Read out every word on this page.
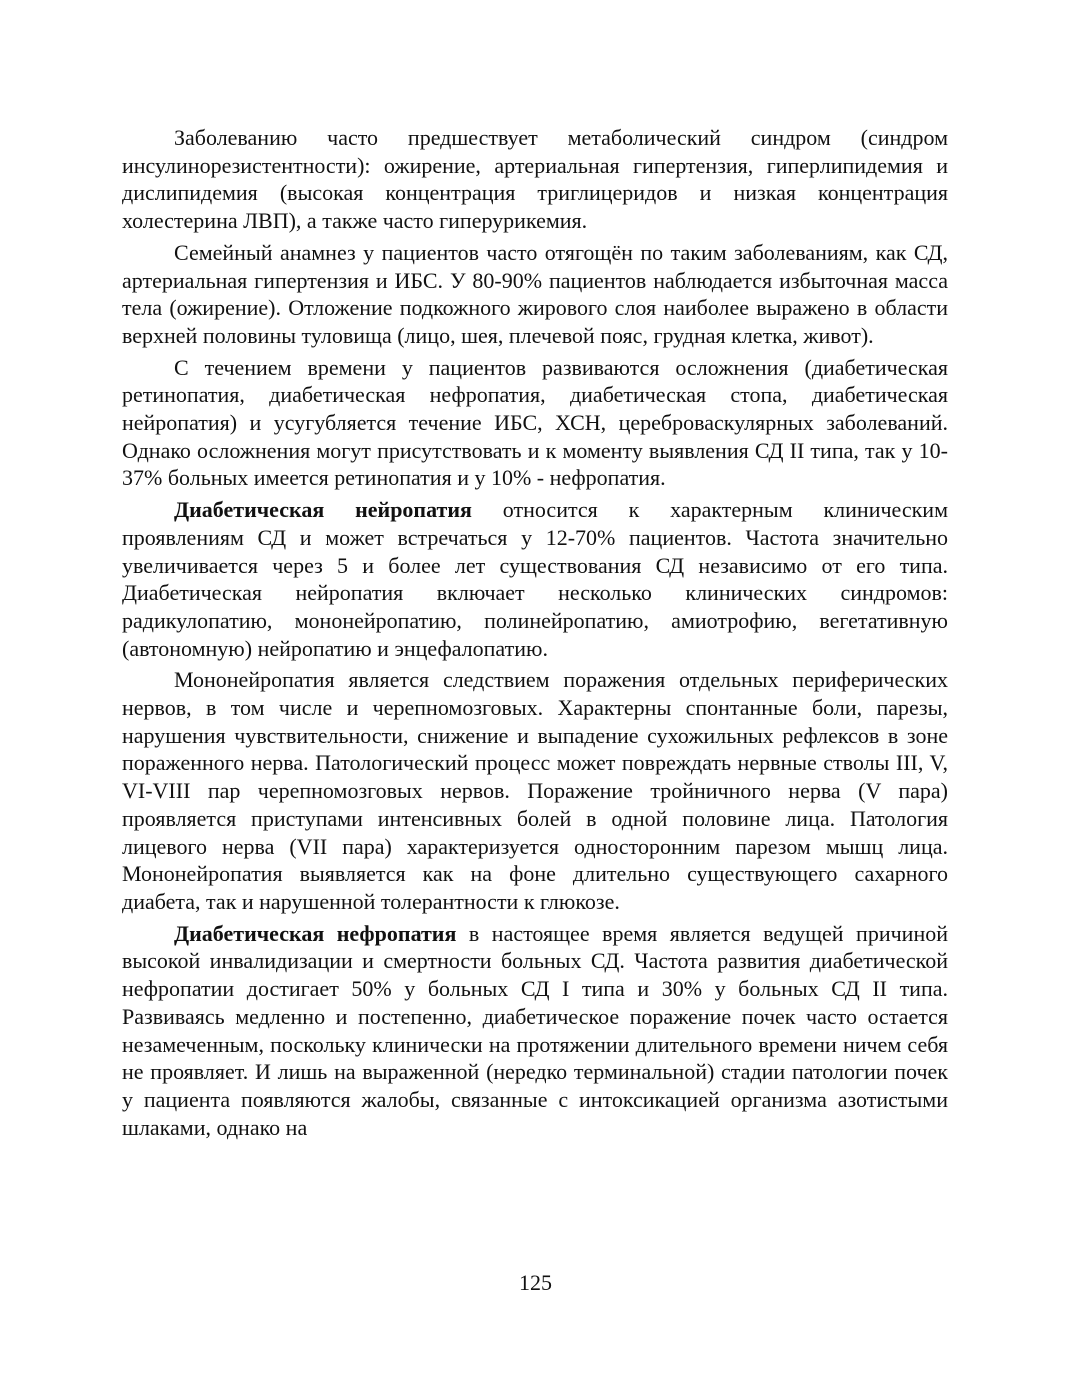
Заболеванию часто предшествует метаболический синдром (синдром инсулинорезистентности): ожирение, артериальная гипертензия, гиперлипидемия и дислипидемия (высокая концентрация триглицеридов и низкая концентрация холестерина ЛВП), а также часто гиперурикемия.

Семейный анамнез у пациентов часто отягощён по таким заболеваниям, как СД, артериальная гипертензия и ИБС. У 80-90% пациентов наблюдается избыточная масса тела (ожирение). Отложение подкожного жирового слоя наиболее выражено в области верхней половины туловища (лицо, шея, плечевой пояс, грудная клетка, живот).

С течением времени у пациентов развиваются осложнения (диабетическая ретинопатия, диабетическая нефропатия, диабетическая стопа, диабетическая нейропатия) и усугубляется течение ИБС, ХСН, цереброваскулярных заболеваний. Однако осложнения могут присутствовать и к моменту выявления СД II типа, так у 10-37% больных имеется ретинопатия и у 10% - нефропатия.

Диабетическая нейропатия относится к характерным клиническим проявлениям СД и может встречаться у 12-70% пациентов. Частота значительно увеличивается через 5 и более лет существования СД независимо от его типа. Диабетическая нейропатия включает несколько клинических синдромов: радикулопатию, мононейропатию, полинейропатию, амиотрофию, вегетативную (автономную) нейропатию и энцефалопатию.

Мононейропатия является следствием поражения отдельных периферических нервов, в том числе и черепномозговых. Характерны спонтанные боли, парезы, нарушения чувствительности, снижение и выпадение сухожильных рефлексов в зоне пораженного нерва. Патологический процесс может повреждать нервные стволы III, V, VI-VIII пар черепномозговых нервов. Поражение тройничного нерва (V пара) проявляется приступами интенсивных болей в одной половине лица. Патология лицевого нерва (VII пара) характеризуется односторонним парезом мышц лица. Мононейропатия выявляется как на фоне длительно существующего сахарного диабета, так и нарушенной толерантности к глюкозе.

Диабетическая нефропатия в настоящее время является ведущей причиной высокой инвалидизации и смертности больных СД. Частота развития диабетической нефропатии достигает 50% у больных СД I типа и 30% у больных СД II типа. Развиваясь медленно и постепенно, диабетическое поражение почек часто остается незамеченным, поскольку клинически на протяжении длительного времени ничем себя не проявляет. И лишь на выраженной (нередко терминальной) стадии патологии почек у пациента появляются жалобы, связанные с интоксикацией организма азотистыми шлаками, однако на

125
